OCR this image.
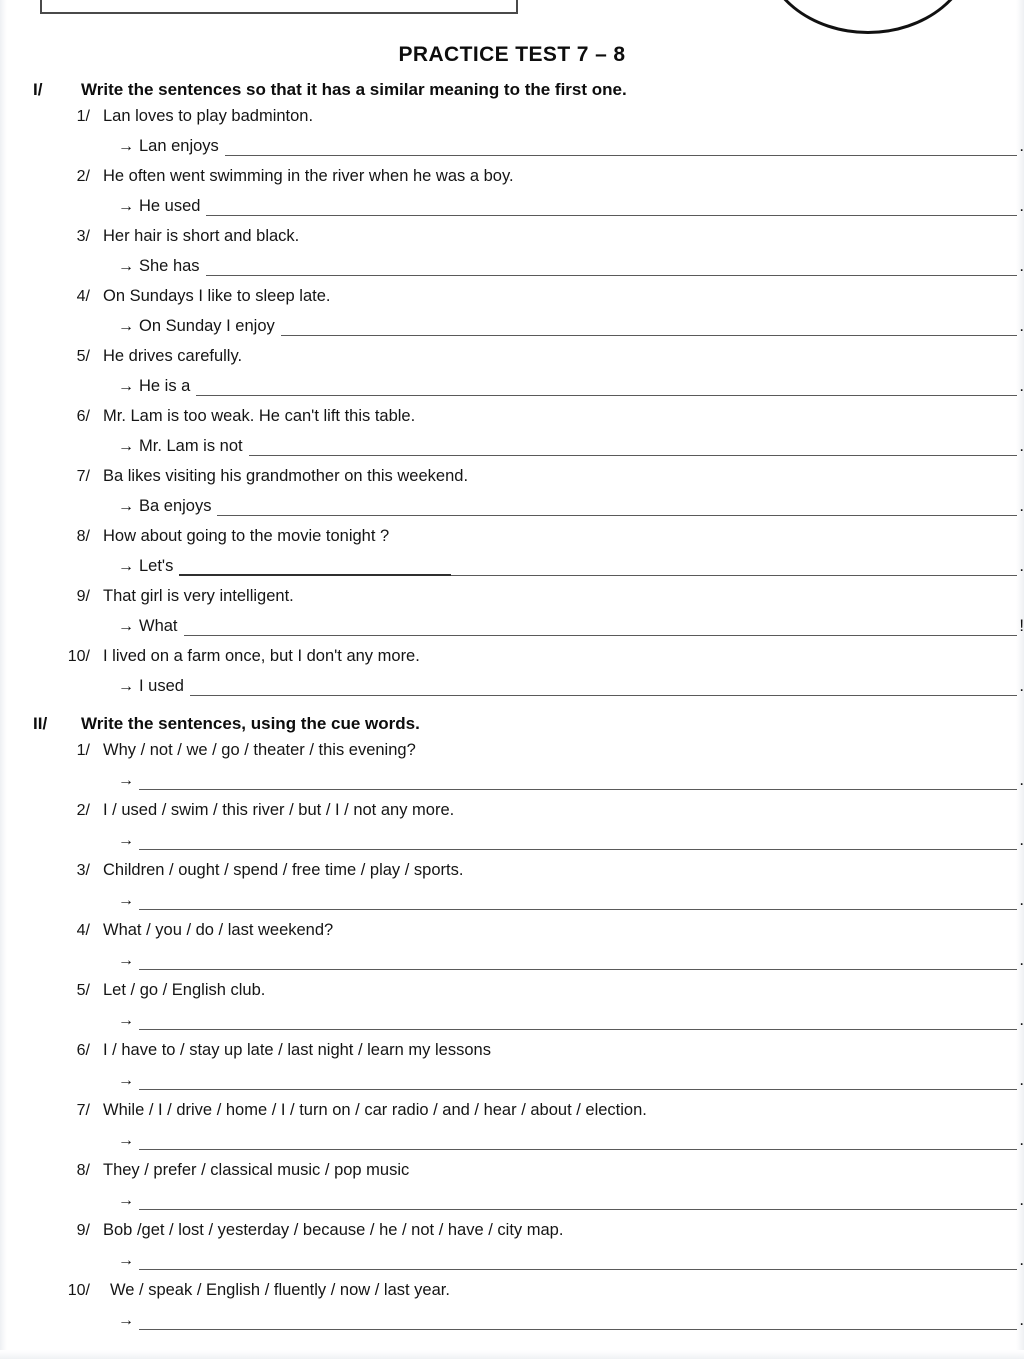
PRACTICE TEST 7 – 8
I/	Write the sentences so that it has a similar meaning to the first one.
1/ Lan loves to play badminton.
→ Lan enjoys	.
2/ He often went swimming in the river when he was a boy.
→ He used	.
3/ Her hair is short and black.
→ She has	.
4/ On Sundays I like to sleep late.
→ On Sunday I enjoy	.
5/ He drives carefully.
→ He is a	.
6/ Mr. Lam is too weak. He can't lift this table.
→ Mr. Lam is not	.
7/ Ba likes visiting his grandmother on this weekend.
→ Ba enjoys	.
8/ How about going to the movie tonight ?
→ Let's	.
9/ That girl is very intelligent.
→ What	!
10/ I lived on a farm once, but I don't any more.
→ I used	.
II/	Write the sentences, using the cue words.
1/ Why / not / we / go / theater / this evening?
→	.
2/ I / used / swim / this river / but / I / not any more.
→	.
3/ Children / ought / spend / free time / play / sports.
→	.
4/ What / you / do / last weekend?
→	.
5/ Let / go / English club.
→	.
6/ I / have to / stay up late / last night / learn my lessons
→	.
7/ While / I / drive / home / I / turn on / car radio / and / hear / about / election.
→	.
8/ They / prefer / classical music / pop music
→	.
9/ Bob /get / lost / yesterday / because / he / not / have / city map.
→	.
10/	We / speak / English / fluently / now / last year.
→	.
